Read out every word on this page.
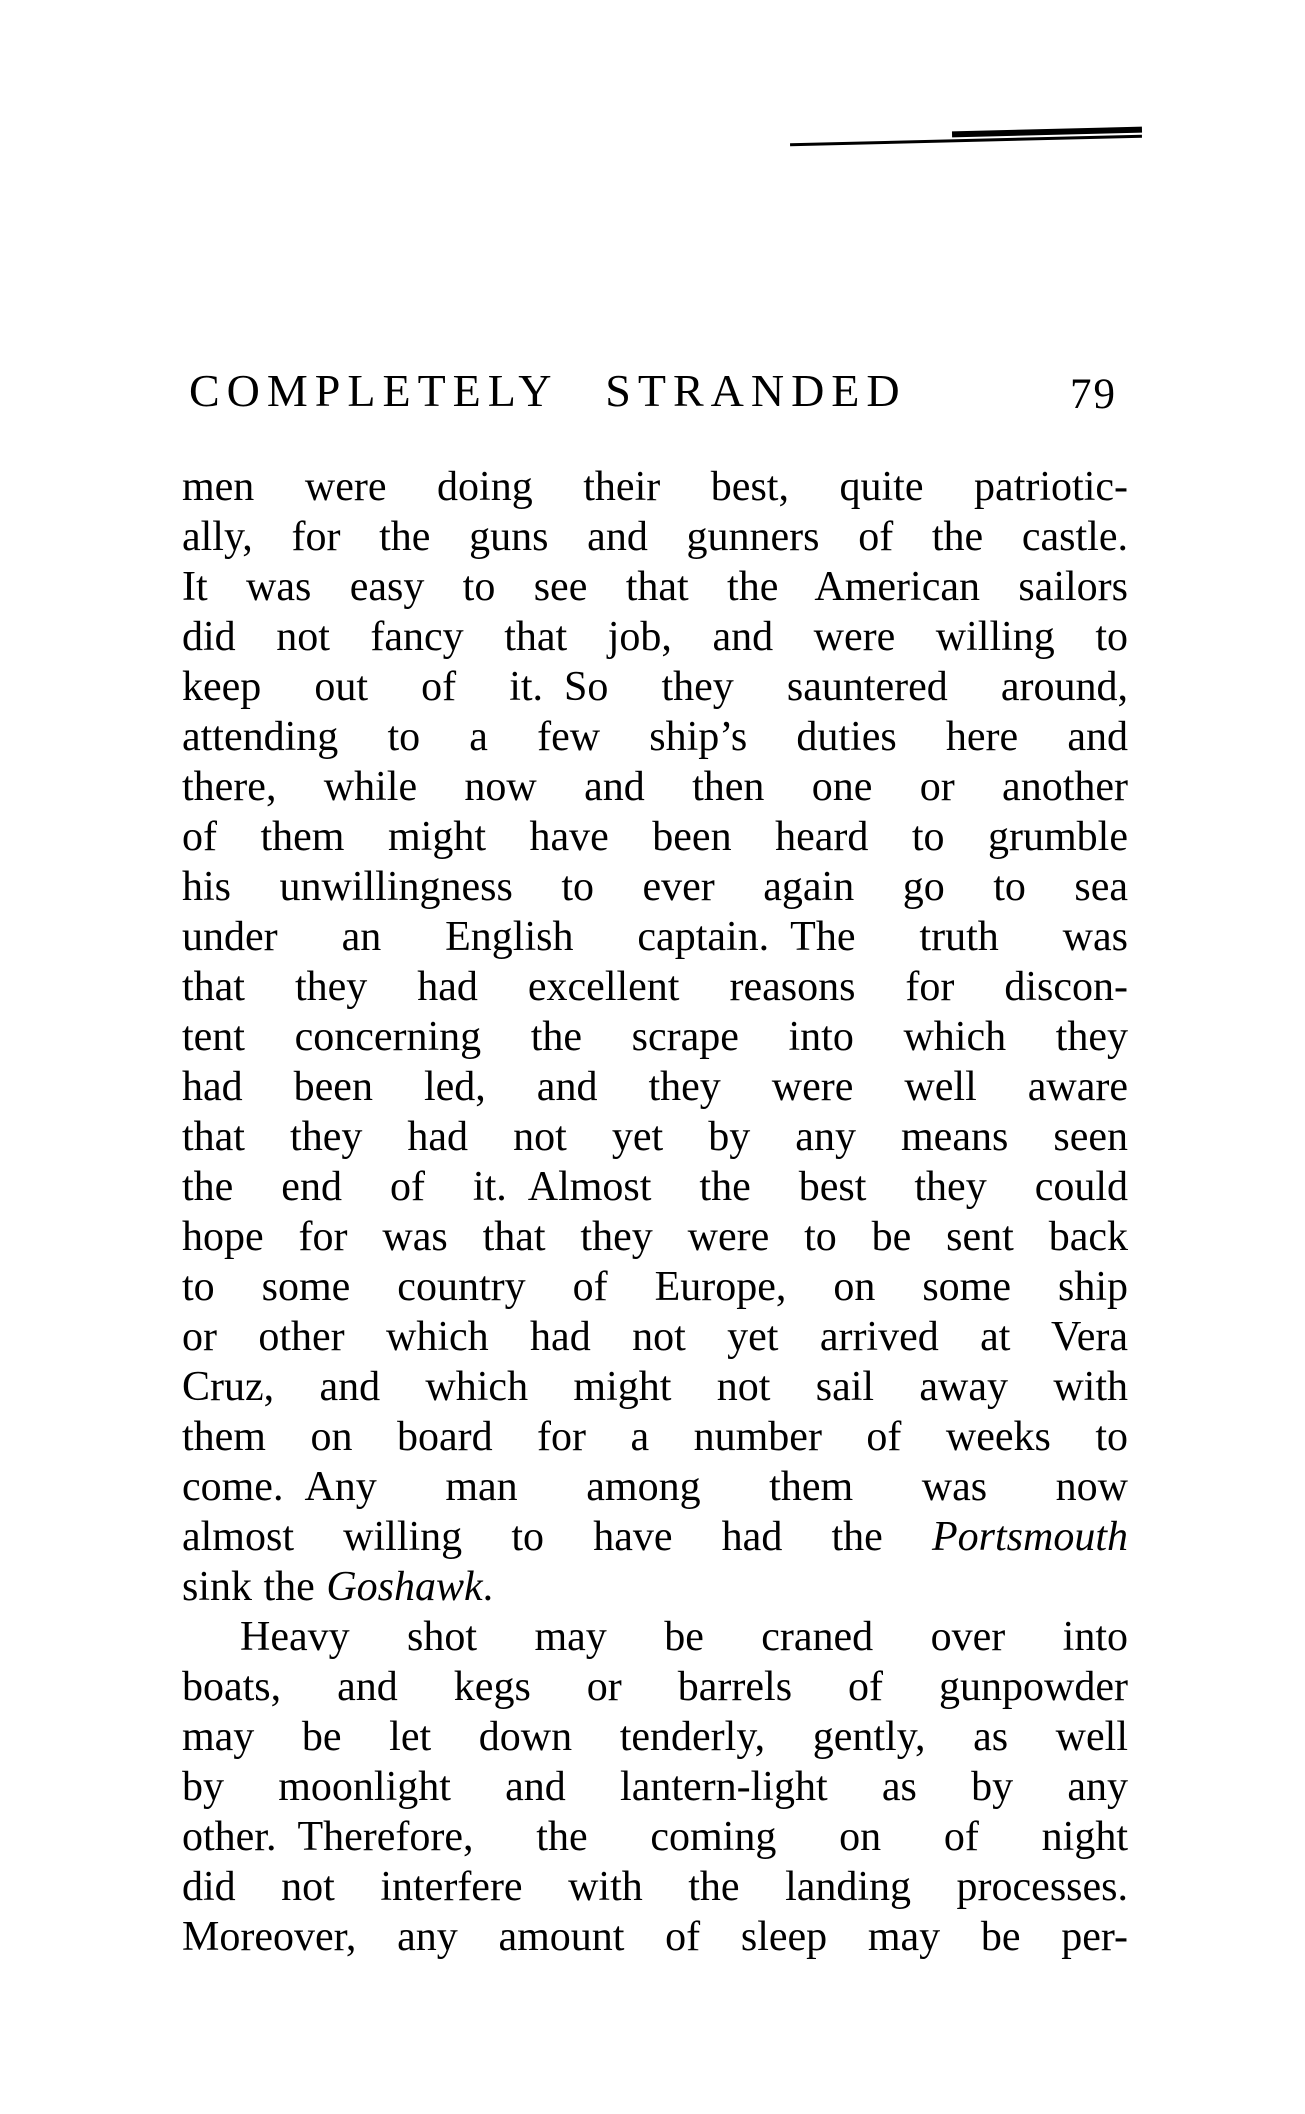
COMPLETELY STRANDED	79
men were doing their best, quite patriotic-
ally, for the guns and gunners of the castle.
It was easy to see that the American sailors
did not fancy that job, and were willing to
keep out of it. So they sauntered around,
attending to a few ship’s duties here and
there, while now and then one or another
of them might have been heard to grumble
his unwillingness to ever again go to sea
under an English captain. The truth was
that they had excellent reasons for discon-
tent concerning the scrape into which they
had been led, and they were well aware
that they had not yet by any means seen
the end of it. Almost the best they could
hope for was that they were to be sent back
to some country of Europe, on some ship
or other which had not yet arrived at Vera
Cruz, and which might not sail away with
them on board for a number of weeks to
come. Any man among them was now
almost willing to have had the Portsmouth
sink the Goshawk.
Heavy shot may be craned over into
boats, and kegs or barrels of gunpowder
may be let down tenderly, gently, as well
by moonlight and lantern-light as by any
other. Therefore, the coming on of night
did not interfere with the landing processes.
Moreover, any amount of sleep may be per-
